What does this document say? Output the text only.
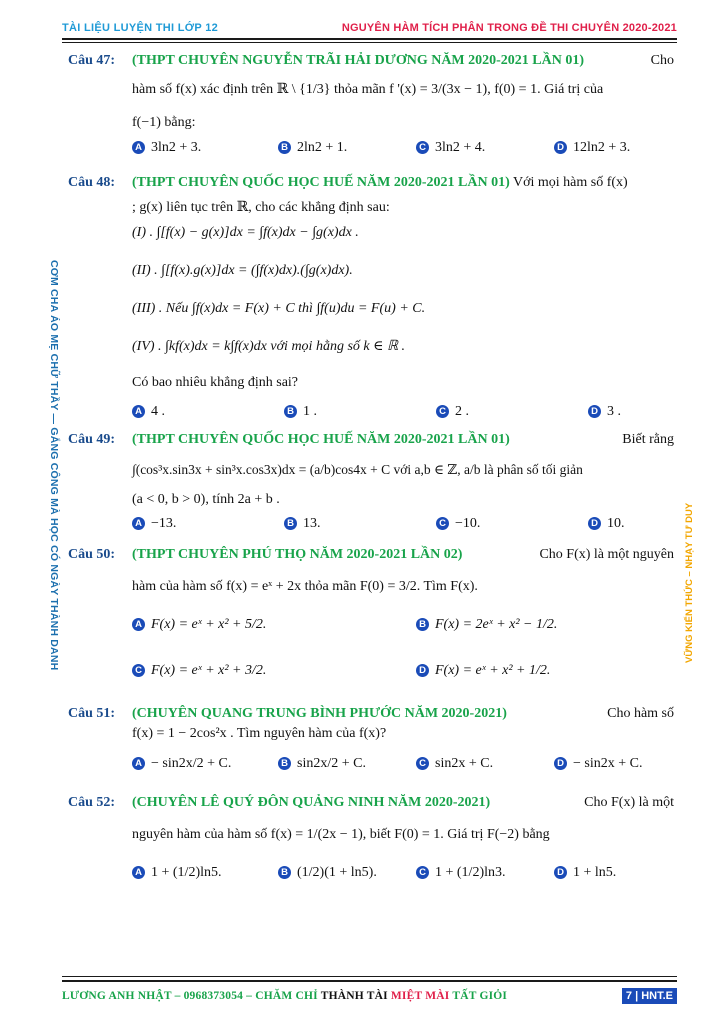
TÀI LIỆU LUYỆN THI LỚP 12	NGUYÊN HÀM TÍCH PHÂN TRONG ĐỀ THI CHUYÊN 2020-2021
CƠM CHA ÁO MẸ CHỮ THẦY — GẮNG CÔNG MÀ HỌC CÓ NGÀY THÀNH DANH	VỮNG KIẾN THỨC – NHẠY TƯ DUY
Câu 47: (THPT CHUYÊN NGUYỄN TRÃI HẢI DƯƠNG NĂM 2020-2021 LẦN 01)	Cho
hàm số f(x) xác định trên ℝ \ {1/3} thỏa mãn f '(x) = 3/(3x − 1), f(0) = 1. Giá trị của
f(−1) bằng:
A 3ln2 + 3.	B 2ln2 + 1.	C 3ln2 + 4.	D 12ln2 + 3.
Câu 48: (THPT CHUYÊN QUỐC HỌC HUẾ NĂM 2020-2021 LẦN 01) Với mọi hàm số f(x)
; g(x) liên tục trên ℝ, cho các khẳng định sau:
(I) . ∫[f(x) − g(x)]dx = ∫f(x)dx − ∫g(x)dx .
(II) . ∫[f(x).g(x)]dx = (∫f(x)dx).(∫g(x)dx).
(III) . Nếu ∫f(x)dx = F(x) + C thì ∫f(u)du = F(u) + C.
(IV) . ∫kf(x)dx = k∫f(x)dx với mọi hằng số k ∈ ℝ .
Có bao nhiêu khẳng định sai?
A 4 .	B 1 .	C 2 .	D 3 .
Câu 49: (THPT CHUYÊN QUỐC HỌC HUẾ NĂM 2020-2021 LẦN 01)	Biết rằng
∫(cos³x.sin3x + sin³x.cos3x)dx = (a/b)cos4x + C với a,b ∈ ℤ, a/b là phân số tối giản
(a < 0, b > 0), tính 2a + b .
A −13.	B 13.	C −10.	D 10.
Câu 50: (THPT CHUYÊN PHÚ THỌ NĂM 2020-2021 LẦN 02)	Cho F(x) là một nguyên
hàm của hàm số f(x) = eˣ + 2x thỏa mãn F(0) = 3/2. Tìm F(x).
A F(x) = eˣ + x² + 5/2.	B F(x) = 2eˣ + x² − 1/2.
C F(x) = eˣ + x² + 3/2.	D F(x) = eˣ + x² + 1/2.
Câu 51: (CHUYÊN QUANG TRUNG BÌNH PHƯỚC NĂM 2020-2021)	Cho hàm số
f(x) = 1 − 2cos²x . Tìm nguyên hàm của f(x)?
A − sin2x/2 + C.	B sin2x/2 + C.	C sin2x + C.	D − sin2x + C.
Câu 52: (CHUYÊN LÊ QUÝ ĐÔN QUẢNG NINH NĂM 2020-2021)	Cho F(x) là một
nguyên hàm của hàm số f(x) = 1/(2x − 1), biết F(0) = 1. Giá trị F(−2) bằng
A 1 + (1/2)ln5.	B (1/2)(1 + ln5).	C 1 + (1/2)ln3.	D 1 + ln5.
LƯƠNG ANH NHẬT – 0968373054 – CHĂM CHỈ THÀNH TÀI MIỆT MÀI TẤT GIỎI	7 | HNT.E
